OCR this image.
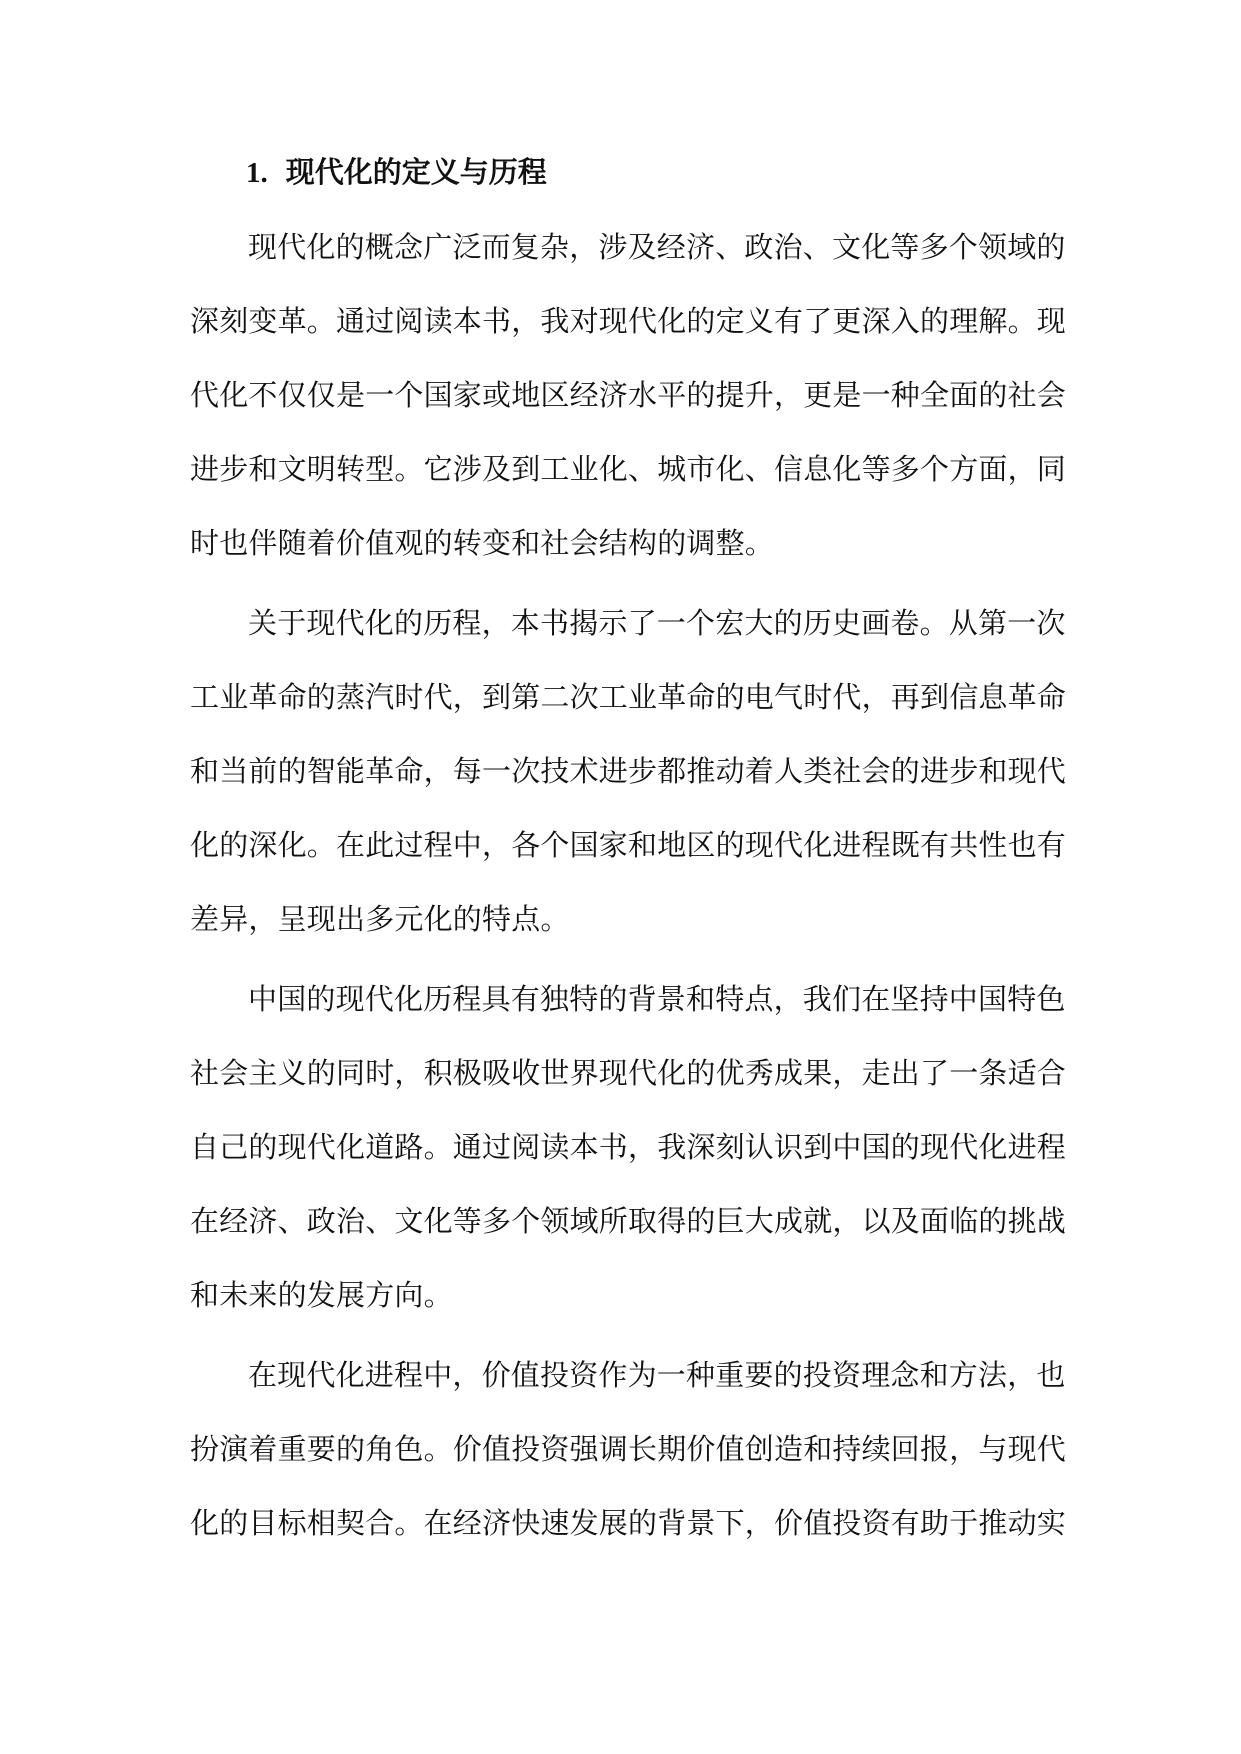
1. 现代化的定义与历程
现代化的概念广泛而复杂，涉及经济、政治、文化等多个领域的
深刻变革。通过阅读本书，我对现代化的定义有了更深入的理解。现
代化不仅仅是一个国家或地区经济水平的提升，更是一种全面的社会
进步和文明转型。它涉及到工业化、城市化、信息化等多个方面，同
时也伴随着价值观的转变和社会结构的调整。
关于现代化的历程，本书揭示了一个宏大的历史画卷。从第一次
工业革命的蒸汽时代，到第二次工业革命的电气时代，再到信息革命
和当前的智能革命，每一次技术进步都推动着人类社会的进步和现代
化的深化。在此过程中，各个国家和地区的现代化进程既有共性也有
差异，呈现出多元化的特点。
中国的现代化历程具有独特的背景和特点，我们在坚持中国特色
社会主义的同时，积极吸收世界现代化的优秀成果，走出了一条适合
自己的现代化道路。通过阅读本书，我深刻认识到中国的现代化进程
在经济、政治、文化等多个领域所取得的巨大成就，以及面临的挑战
和未来的发展方向。
在现代化进程中，价值投资作为一种重要的投资理念和方法，也
扮演着重要的角色。价值投资强调长期价值创造和持续回报，与现代
化的目标相契合。在经济快速发展的背景下，价值投资有助于推动实
